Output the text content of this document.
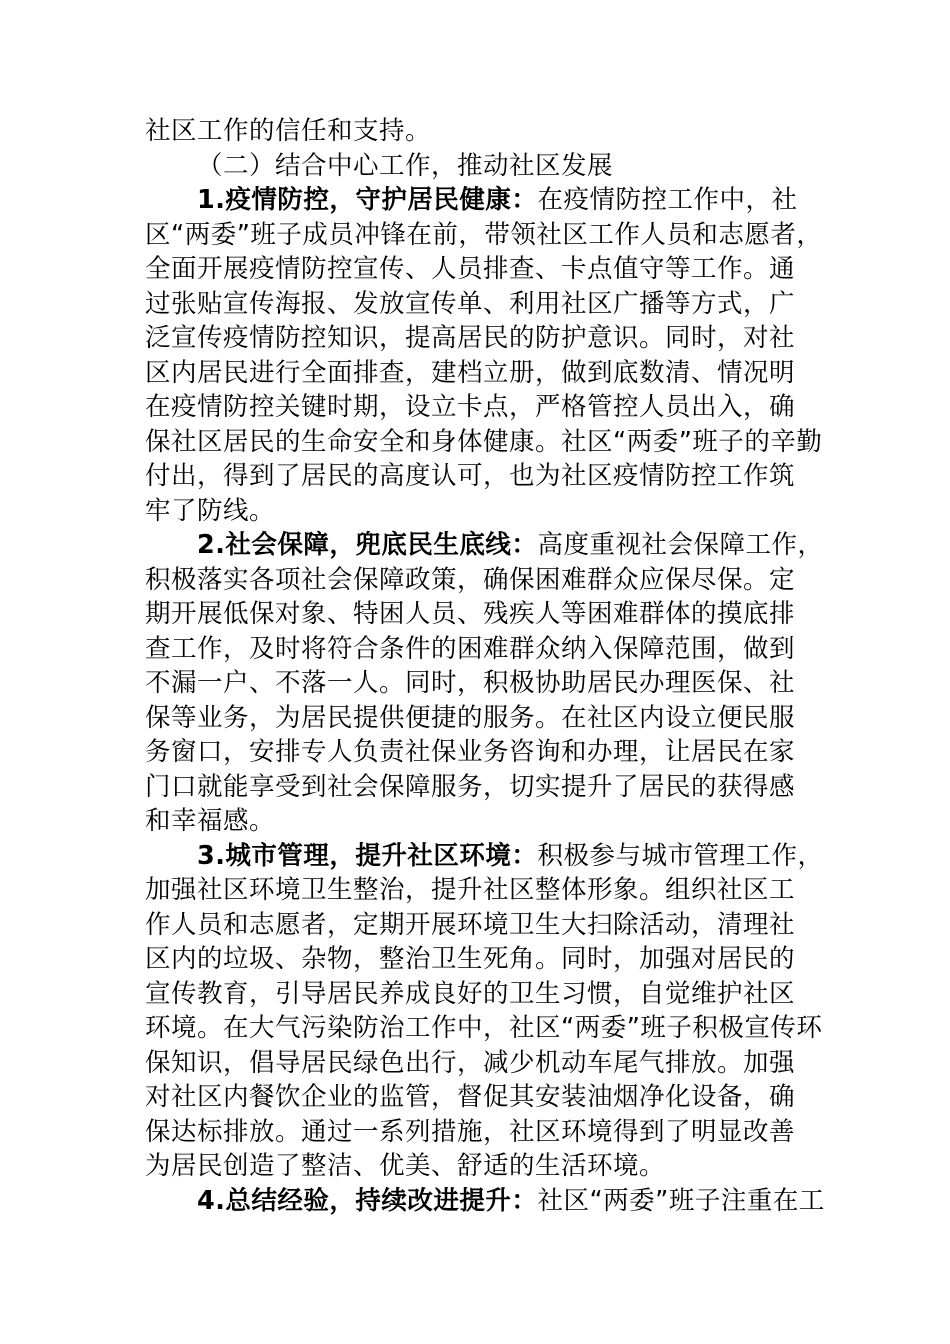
社区工作的信任和支持。
（二）结合中心工作，推动社区发展
1.疫情防控，守护居民健康：在疫情防控工作中，社
区“两委”班子成员冲锋在前，带领社区工作人员和志愿者，
全面开展疫情防控宣传、人员排查、卡点值守等工作。通
过张贴宣传海报、发放宣传单、利用社区广播等方式，广
泛宣传疫情防控知识，提高居民的防护意识。同时，对社
区内居民进行全面排查，建档立册，做到底数清、情况明
在疫情防控关键时期，设立卡点，严格管控人员出入，确
保社区居民的生命安全和身体健康。社区“两委”班子的辛勤
付出，得到了居民的高度认可，也为社区疫情防控工作筑
牢了防线。
2.社会保障，兜底民生底线：高度重视社会保障工作，
积极落实各项社会保障政策，确保困难群众应保尽保。定
期开展低保对象、特困人员、残疾人等困难群体的摸底排
查工作，及时将符合条件的困难群众纳入保障范围，做到
不漏一户、不落一人。同时，积极协助居民办理医保、社
保等业务，为居民提供便捷的服务。在社区内设立便民服
务窗口，安排专人负责社保业务咨询和办理，让居民在家
门口就能享受到社会保障服务，切实提升了居民的获得感
和幸福感。
3.城市管理，提升社区环境：积极参与城市管理工作，
加强社区环境卫生整治，提升社区整体形象。组织社区工
作人员和志愿者，定期开展环境卫生大扫除活动，清理社
区内的垃圾、杂物，整治卫生死角。同时，加强对居民的
宣传教育，引导居民养成良好的卫生习惯，自觉维护社区
环境。在大气污染防治工作中，社区“两委”班子积极宣传环
保知识，倡导居民绿色出行，减少机动车尾气排放。加强
对社区内餐饮企业的监管，督促其安装油烟净化设备，确
保达标排放。通过一系列措施，社区环境得到了明显改善
为居民创造了整洁、优美、舒适的生活环境。
4.总结经验，持续改进提升：社区“两委”班子注重在工
